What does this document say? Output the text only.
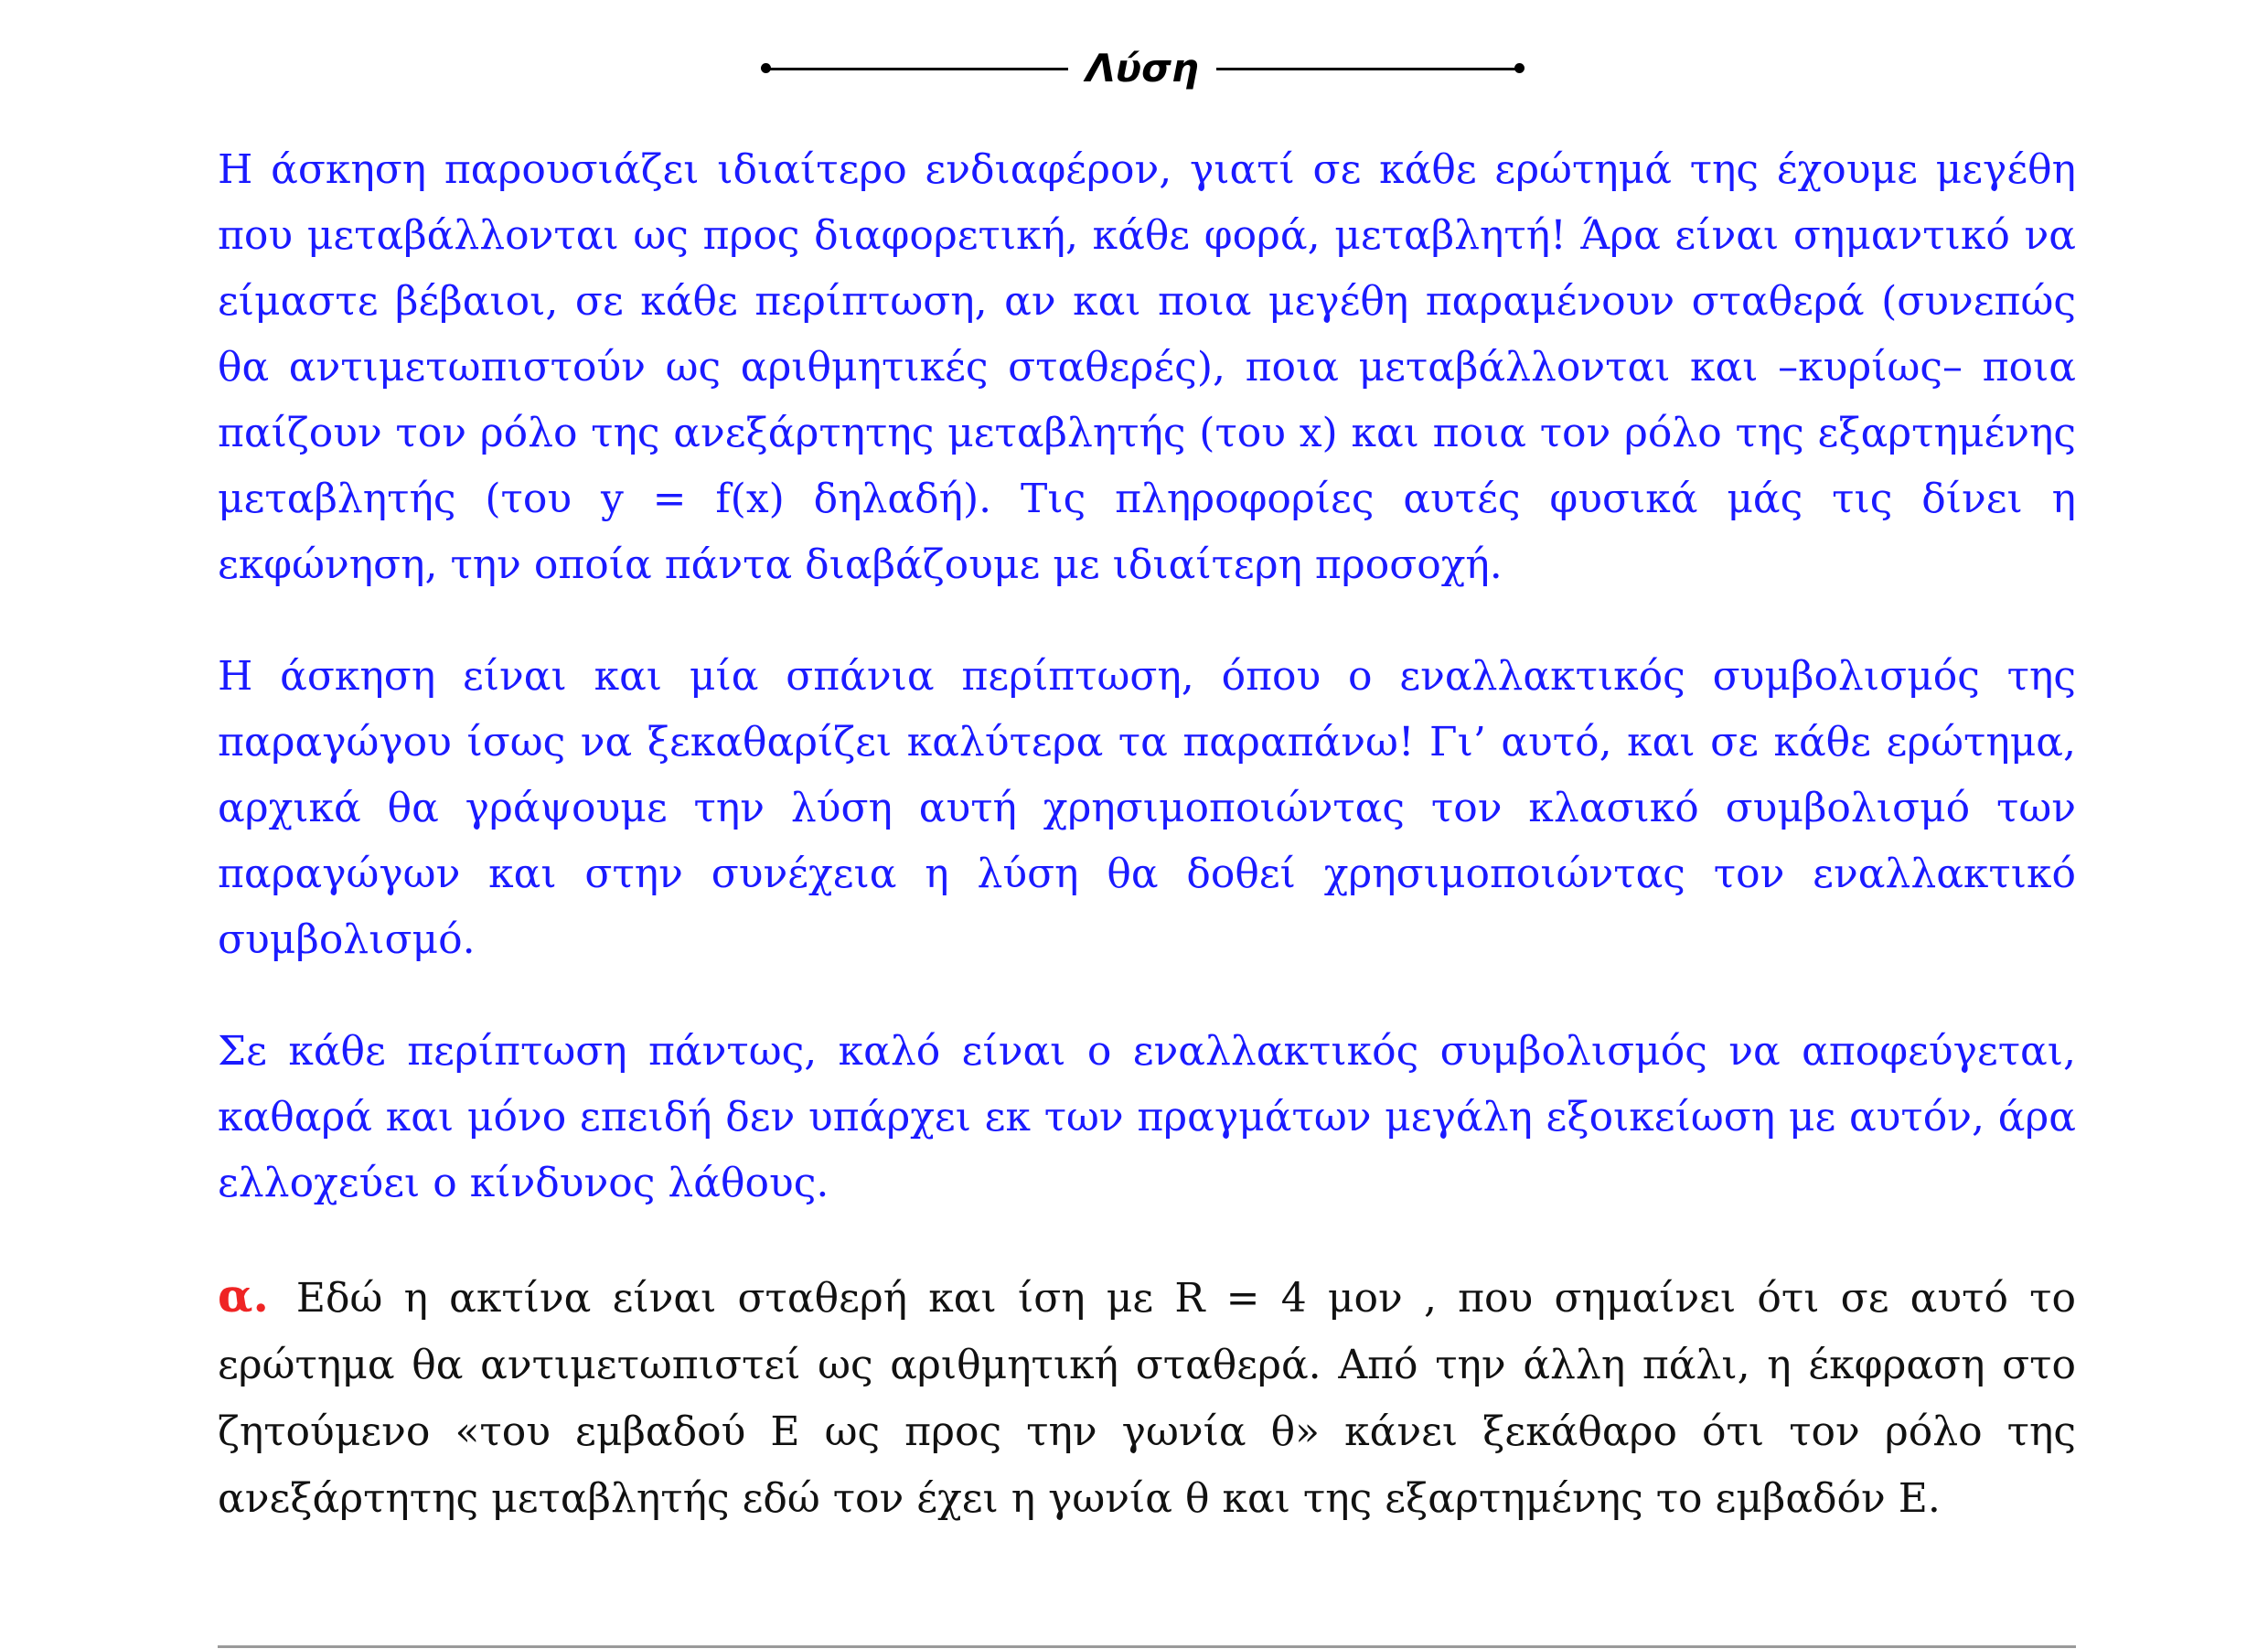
Λύση

Η άσκηση παρουσιάζει ιδιαίτερο ενδιαφέρον, γιατί σε κάθε ερώτημά της έχουμε μεγέθη που μεταβάλλονται ως προς διαφορετική, κάθε φορά, μεταβλητή! Άρα είναι σημαντικό να είμαστε βέβαιοι, σε κάθε περίπτωση, αν και ποια μεγέθη παραμένουν σταθερά (συνεπώς θα αντιμετωπιστούν ως αριθμητικές σταθερές), ποια μεταβάλλονται και –κυρίως– ποια παίζουν τον ρόλο της ανεξάρτητης μεταβλητής (του x) και ποια τον ρόλο της εξαρτημένης μεταβλητής (του y = f(x) δηλαδή). Τις πληροφορίες αυτές φυσικά μάς τις δίνει η εκφώνηση, την οποία πάντα διαβάζουμε με ιδιαίτερη προσοχή.

Η άσκηση είναι και μία σπάνια περίπτωση, όπου ο εναλλακτικός συμβολισμός της παραγώγου ίσως να ξεκαθαρίζει καλύτερα τα παραπάνω! Γι’ αυτό, και σε κάθε ερώτημα, αρχικά θα γράψουμε την λύση αυτή χρησιμοποιώντας τον κλασικό συμβολισμό των παραγώγων και στην συνέχεια η λύση θα δοθεί χρησιμοποιώντας τον εναλλακτικό συμβολισμό.

Σε κάθε περίπτωση πάντως, καλό είναι ο εναλλακτικός συμβολισμός να αποφεύγεται, καθαρά και μόνο επειδή δεν υπάρχει εκ των πραγμάτων μεγάλη εξοικείωση με αυτόν, άρα ελλοχεύει ο κίνδυνος λάθους.

α. Εδώ η ακτίνα είναι σταθερή και ίση με R = 4 μον , που σημαίνει ότι σε αυτό το ερώτημα θα αντιμετωπιστεί ως αριθμητική σταθερά. Από την άλλη πάλι, η έκφραση στο ζητούμενο «του εμβαδού Ε ως προς την γωνία θ» κάνει ξεκάθαρο ότι τον ρόλο της ανεξάρτητης μεταβλητής εδώ τον έχει η γωνία θ και της εξαρτημένης το εμβαδόν Ε.
